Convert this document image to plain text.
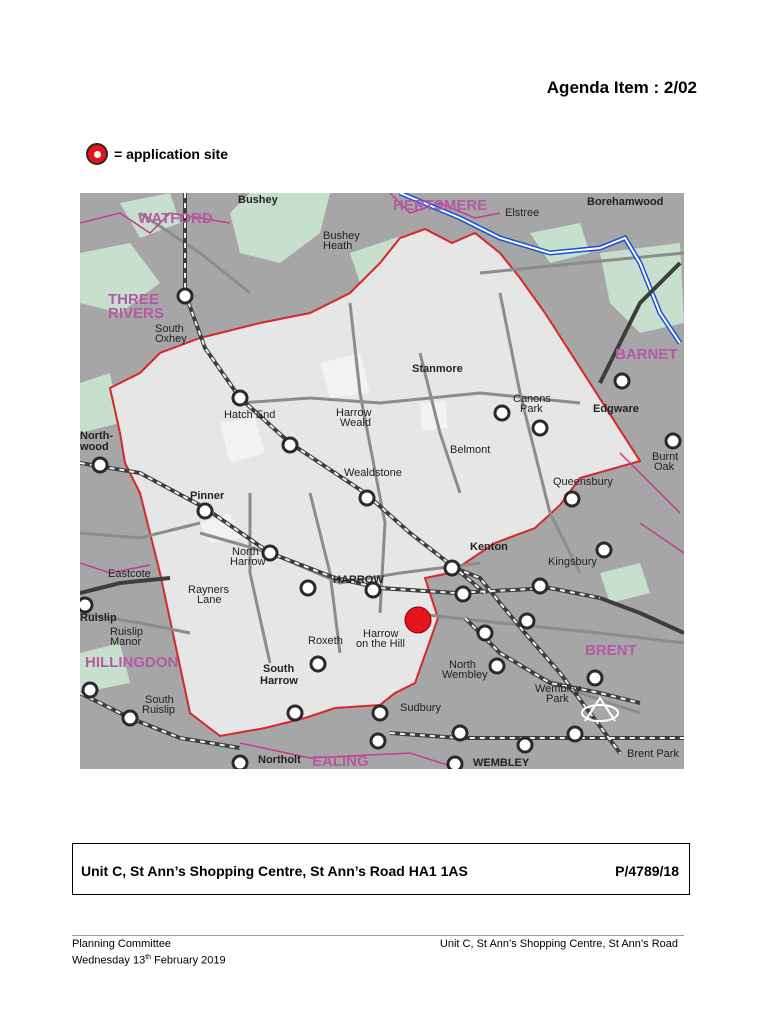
Agenda Item : 2/02
= application site
Bushey
WATFORD
HERTSMERE Elstree
Borehamwood
Bushey
Heath
THREE
RIVERS
South
Oxhey
BARNET
Stanmore
Canons
Park	Edgware
Hatch End	Harrow
Weald
North-
wood	Belmont
Burnt
Oak
Wealdstone
Queensbury
Pinner
Kenton
Kingsbury
North
Harrow
Eastcote	HARROW
Rayners
Lane
Ruislip
Ruislip
Manor	Roxeth
Harrow
on the Hill	BRENT
HILLINGDON	South
Harrow
North
Wembley
Wembley
Park
South
Ruislip	Sudbury
Northolt EALING	WEMBLEY
Brent Park
Unit C, St Ann’s Shopping Centre, St Ann’s Road HA1 1AS	P/4789/18
Planning Committee
Wednesday 13th February 2019
Unit C, St Ann’s Shopping Centre, St Ann’s Road
